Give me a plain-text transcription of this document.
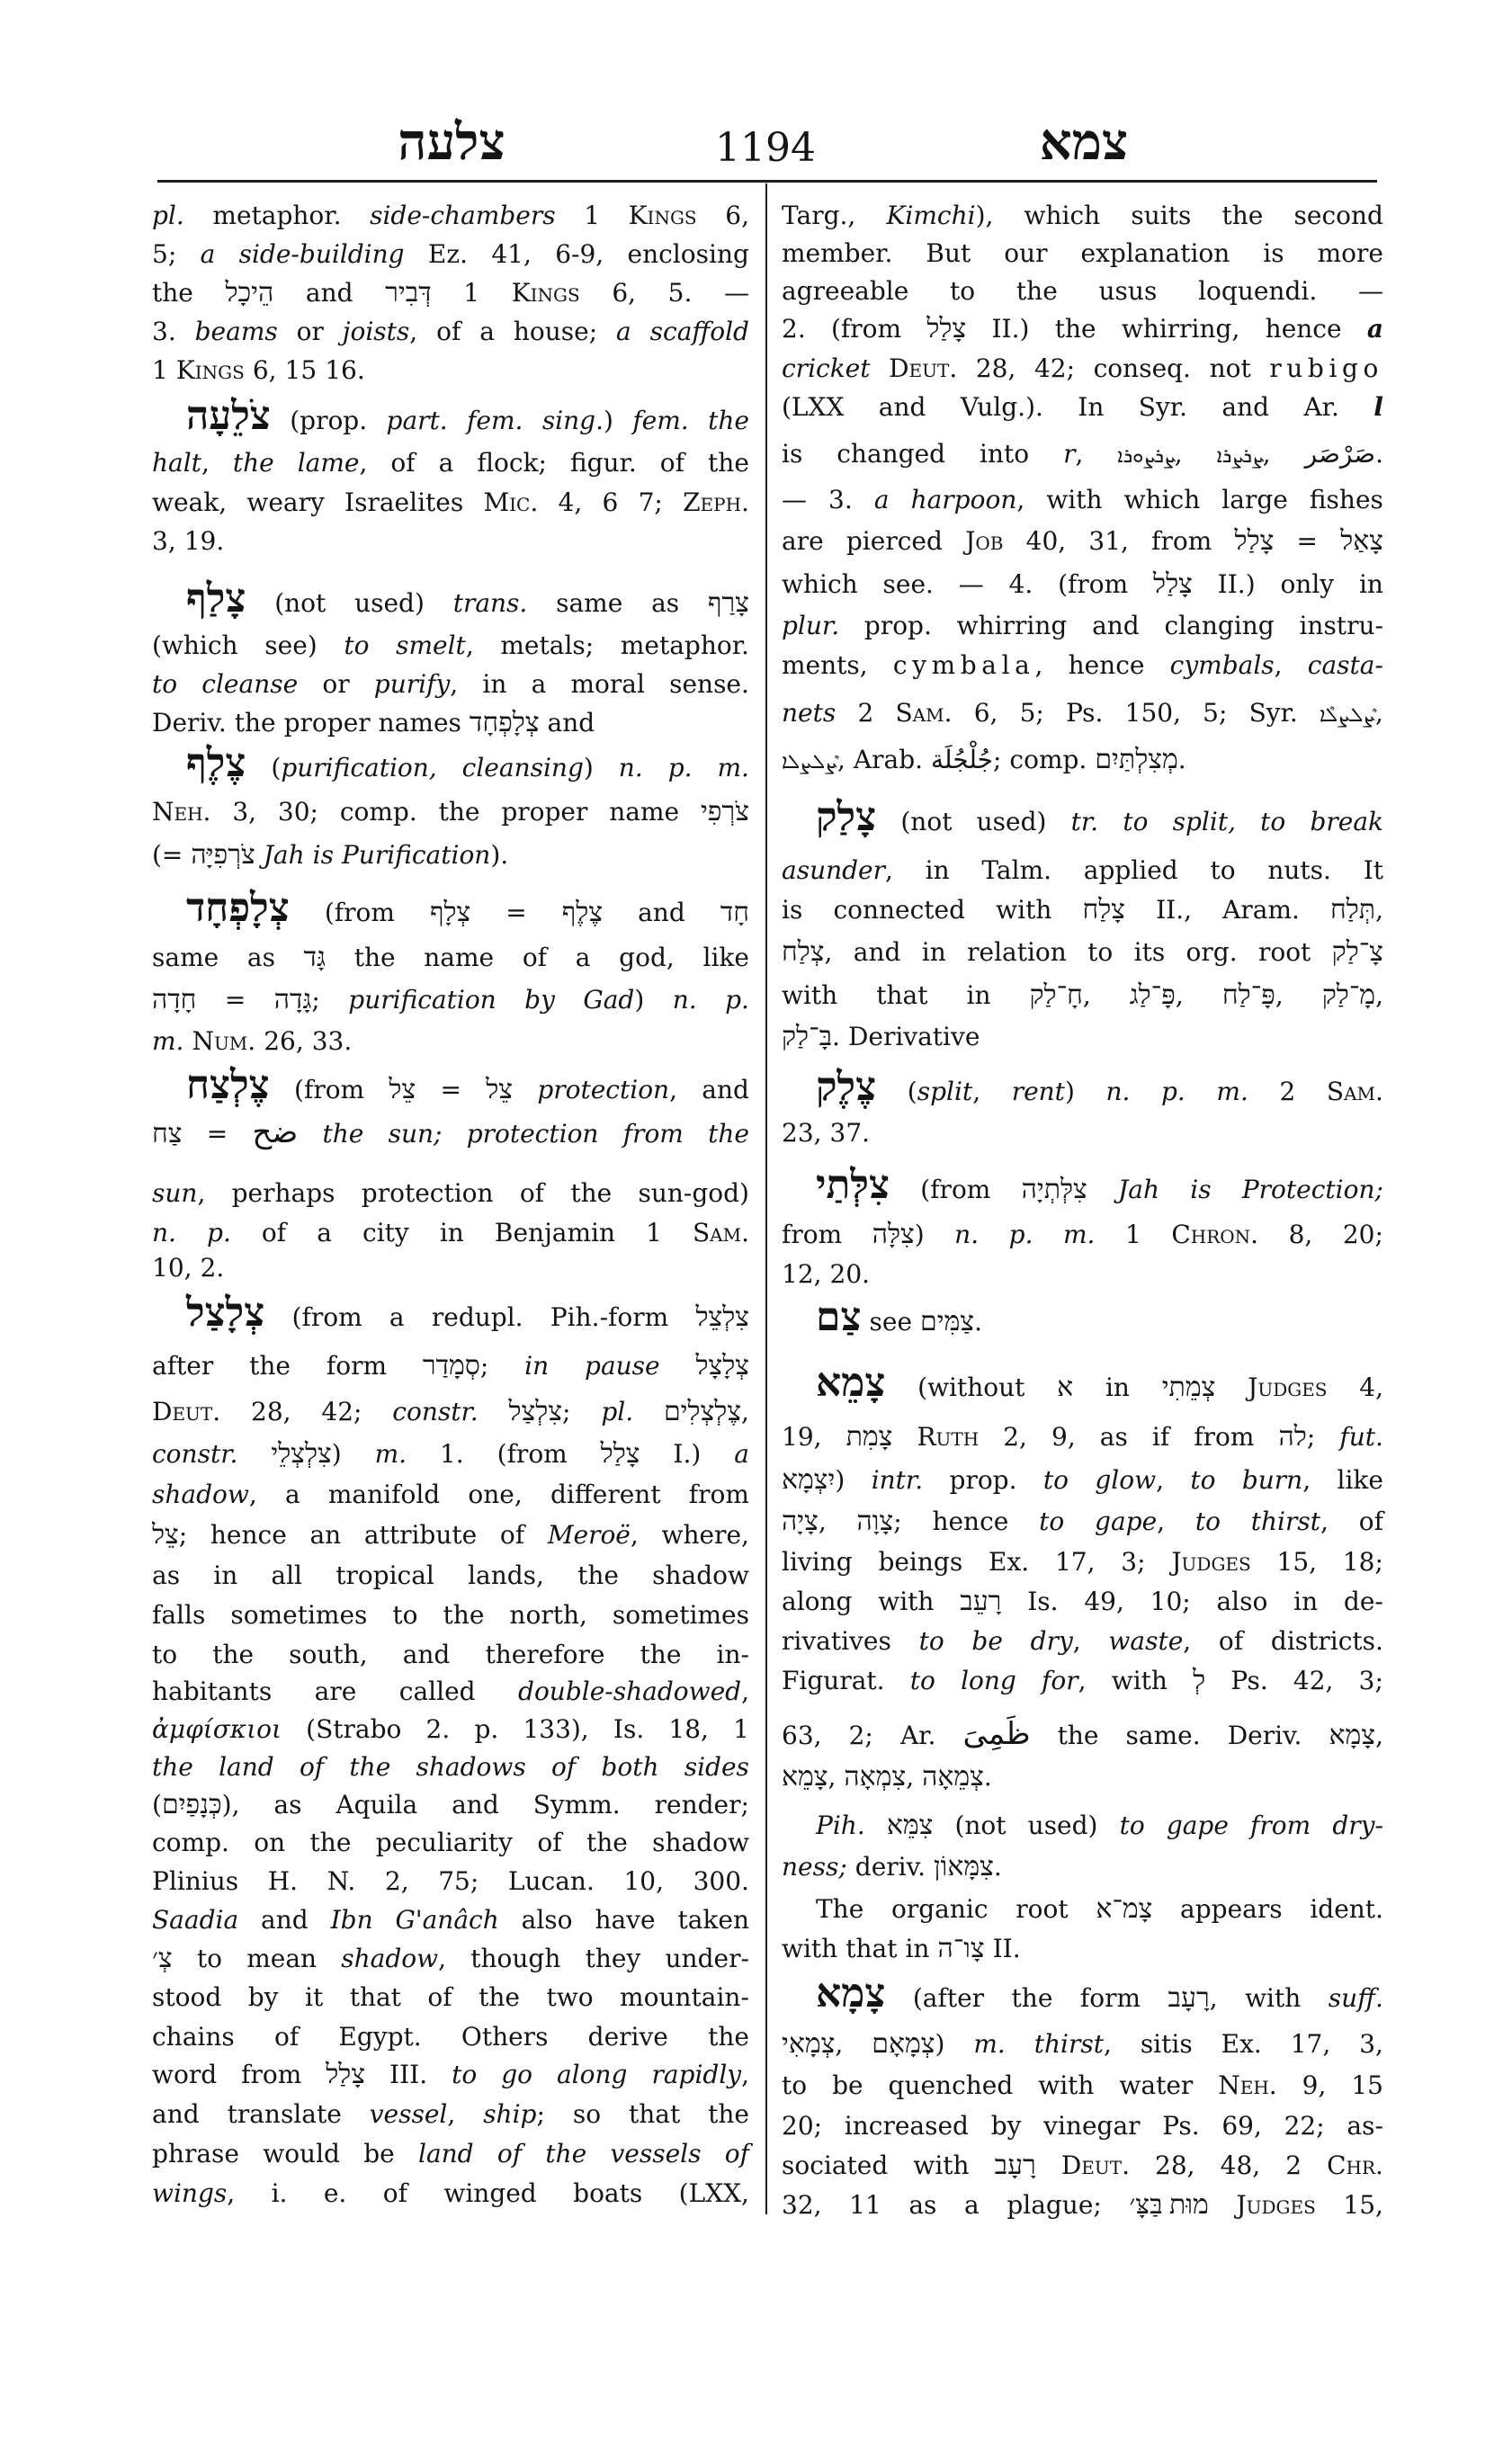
צלעה	1194	צמא
pl. metaphor. side-chambers 1 Kings 6,
5; a side-building Ez. 41, 6-9, enclosing
the הֵיכָל and דְּבִיר 1 Kings 6, 5. —
3. beams or joists, of a house; a scaffold
1 Kings 6, 15 16.
צֹלֵעָה (prop. part. fem. sing.) fem. the
halt, the lame, of a flock; figur. of the
weak, weary Israelites Mic. 4, 6 7; Zeph.
3, 19.
צָלַף (not used) trans. same as צָרַף
(which see) to smelt, metals; metaphor.
to cleanse or purify, in a moral sense.
Deriv. the proper names צְלָפְחָד and
צֶלֶף (purification, cleansing) n. p. m.
Neh. 3, 30; comp. the proper name צֹרְפִי
(= צֹרְפִיָּה Jah is Purification).
צְלָפְחָד (from צְלָף = צֶלֶף and חָד
same as גָּד the name of a god, like
חָדָה = גָּדָה; purification by Gad) n. p.
m. Num. 26, 33.
צֶלְצַח (from צֵל = צֵל protection, and
צַח = ضح the sun; protection from the
sun, perhaps protection of the sun-god)
n. p. of a city in Benjamin 1 Sam.
10, 2.
צְלָצַל (from a redupl. Pih.-form צִלְצֵל
after the form סְמָדַר; in pause צְלָצָל
Deut. 28, 42; constr. צִלְצַל; pl. צֶלְצְלִים,
constr. צִלְצְלֵי) m. 1. (from צָלַל I.) a
shadow, a manifold one, different from
צֵל; hence an attribute of Meroë, where,
as in all tropical lands, the shadow
falls sometimes to the north, sometimes
to the south, and therefore the in-
habitants are called double-shadowed,
ἀμφίσκιοι (Strabo 2. p. 133), Is. 18, 1
the land of the shadows of both sides
(כְּנָפַיִם), as Aquila and Symm. render;
comp. on the peculiarity of the shadow
Plinius H. N. 2, 75; Lucan. 10, 300.
Saadia and Ibn G'anâch also have taken
צְ׳ to mean shadow, though they under-
stood by it that of the two mountain-
chains of Egypt. Others derive the
word from צָלַל III. to go along rapidly,
and translate vessel, ship; so that the
phrase would be land of the vessels of
wings, i. e. of winged boats (LXX,
Targ., Kimchi), which suits the second
member. But our explanation is more
agreeable to the usus loquendi. —
2. (from צָלַל II.) the whirring, hence a
cricket Deut. 28, 42; conseq. not rubigo
(LXX and Vulg.). In Syr. and Ar. l
is changed into r, ܨܪܨܘܪܐ, ܨܪܨܪܐ, صَرْصَر.
— 3. a harpoon, with which large fishes
are pierced Job 40, 31, from צָלַל = צָאַל
which see. — 4. (from צָלַל II.) only in
plur. prop. whirring and clanging instru-
ments, cymbala, hence cymbals, casta-
nets 2 Sam. 6, 5; Ps. 150, 5; Syr. ܨܶܠܨܠܶܐ,
ܨܶܠܨܠܐ, Arab. جُلْجُلَة; comp. מְצִלְתַּיִם.
צָלַק (not used) tr. to split, to break
asunder, in Talm. applied to nuts. It
is connected with צָלַח II., Aram. תְּלַח,
צְלַח, and in relation to its org. root צָ־לַק
with that in חָ־לַק, פָּ־לַג, פָּ־לַח, מָ־לַק,
בָּ־לַק. Derivative
צֶלֶק (split, rent) n. p. m. 2 Sam.
23, 37.
צִלְּתַי (from צִלְּתְיָה Jah is Protection;
from צִלָּה) n. p. m. 1 Chron. 8, 20;
12, 20.
צַם see צַמִּים.
צָמֵא (without א in צְמֵתִי Judges 4,
19, צָמִת Ruth 2, 9, as if from לה; fut.
יִצְמָא) intr. prop. to glow, to burn, like
צָיָה, צָוָה; hence to gape, to thirst, of
living beings Ex. 17, 3; Judges 15, 18;
along with רָעֵב Is. 49, 10; also in de-
rivatives to be dry, waste, of districts.
Figurat. to long for, with לְ Ps. 42, 3;
63, 2; Ar. ظَمِىَ the same. Deriv. צָמָא,
צָמֵא, צִמְאָה, צְמֵאָה.
Pih. צִמֵּא (not used) to gape from dry-
ness; deriv. צִמָּאוֹן.
The organic root צָמ־א appears ident.
with that in צָו־ה II.
צָמָא (after the form רָעָב, with suff.
צְמָאִי, צְמָאָם) m. thirst, sitis Ex. 17, 3,
to be quenched with water Neh. 9, 15
20; increased by vinegar Ps. 69, 22; as-
sociated with רָעָב Deut. 28, 48, 2 Chr.
32, 11 as a plague; מוּת בַּצָּ׳ Judges 15,
